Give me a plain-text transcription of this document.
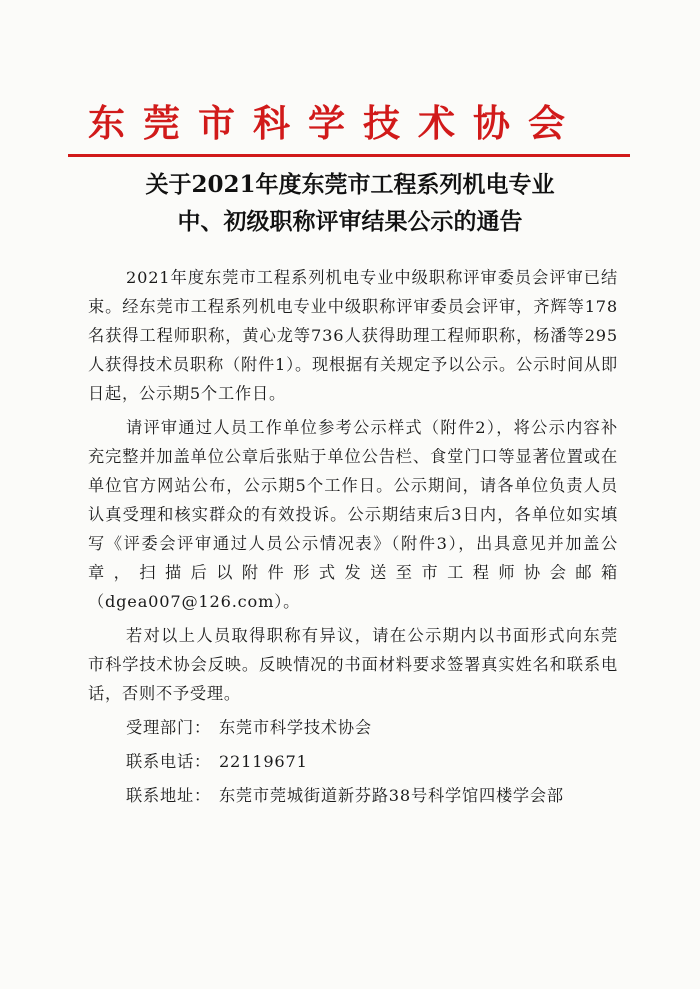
东莞市科学技术协会
关于2021年度东莞市工程系列机电专业
中、初级职称评审结果公示的通告

2021年度东莞市工程系列机电专业中级职称评审委员会评审已结束。经东莞市工程系列机电专业中级职称评审委员会评审，齐辉等178名获得工程师职称，黄心龙等736人获得助理工程师职称，杨潘等295人获得技术员职称（附件1）。现根据有关规定予以公示。公示时间从即日起，公示期5个工作日。

请评审通过人员工作单位参考公示样式（附件2），将公示内容补充完整并加盖单位公章后张贴于单位公告栏、食堂门口等显著位置或在单位官方网站公布，公示期5个工作日。公示期间，请各单位负责人员认真受理和核实群众的有效投诉。公示期结束后3日内，各单位如实填写《评委会评审通过人员公示情况表》（附件3），出具意见并加盖公章，扫描后以附件形式发送至市工程师协会邮箱（dgea007@126.com）。

若对以上人员取得职称有异议，请在公示期内以书面形式向东莞市科学技术协会反映。反映情况的书面材料要求签署真实姓名和联系电话，否则不予受理。

受理部门： 东莞市科学技术协会

联系电话： 22119671

联系地址： 东莞市莞城街道新芬路38号科学馆四楼学会部
